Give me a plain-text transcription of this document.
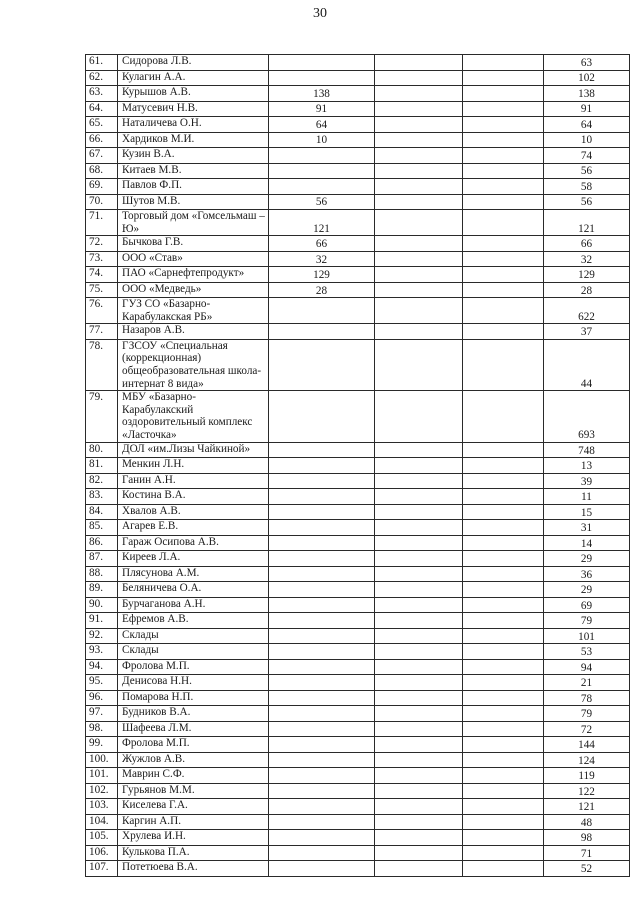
30
61.	Сидорова Л.В.				63
62.	Кулагин А.А.				102
63.	Курышов А.В.	138			138
64.	Матусевич Н.В.	91			91
65.	Наталичева О.Н.	64			64
66.	Хардиков М.И.	10			10
67.	Кузин В.А.				74
68.	Китаев М.В.				56
69.	Павлов Ф.П.				58
70.	Шутов М.В.	56			56
71.	Торговый дом «Гомсельмаш – Ю»	121			121
72.	Бычкова Г.В.	66			66
73.	ООО «Став»	32			32
74.	ПАО «Сарнефтепродукт»	129			129
75.	ООО «Медведь»	28			28
76.	ГУЗ СО «Базарно-Карабулакская РБ»				622
77.	Назаров А.В.				37
78.	ГЗСОУ «Специальная (коррекционная) общеобразовательная школа-интернат 8 вида»				44
79.	МБУ «Базарно-Карабулакский оздоровительный комплекс «Ласточка»				693
80.	ДОЛ «им.Лизы Чайкиной»				748
81.	Менкин Л.Н.				13
82.	Ганин А.Н.				39
83.	Костина В.А.				11
84.	Хвалов А.В.				15
85.	Агарев Е.В.				31
86.	Гараж Осипова А.В.				14
87.	Киреев Л.А.				29
88.	Плясунова А.М.				36
89.	Беляничева О.А.				29
90.	Бурчаганова А.Н.				69
91.	Ефремов А.В.				79
92.	Склады				101
93.	Склады				53
94.	Фролова М.П.				94
95.	Денисова Н.Н.				21
96.	Помарова Н.П.				78
97.	Будников В.А.				79
98.	Шафеева Л.М.				72
99.	Фролова М.П.				144
100.	Жужлов А.В.				124
101.	Маврин С.Ф.				119
102.	Гурьянов М.М.				122
103.	Киселева Г.А.				121
104.	Каргин А.П.				48
105.	Хрулева И.Н.				98
106.	Кулькова П.А.				71
107.	Потетюева В.А.				52
